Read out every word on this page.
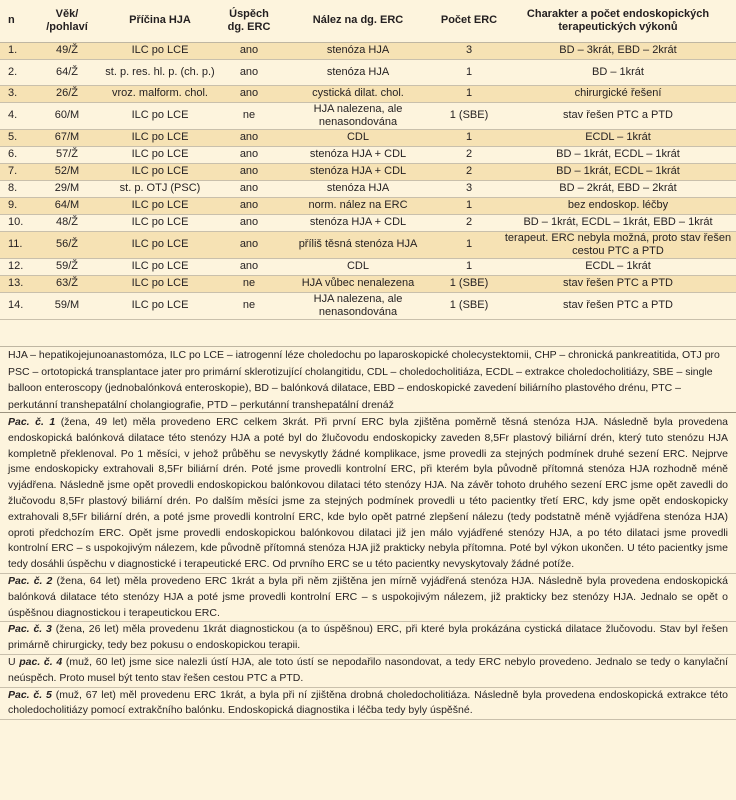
n	Věk/ /pohlaví	Příčina HJA	Úspěch dg. ERC	Nález na dg. ERC	Počet ERC	Charakter a počet endoskopických terapeutických výkonů
1.	49/Ž	ILC po LCE	ano	stenóza HJA	3	BD – 3krát, EBD – 2krát
2.	64/Ž	st. p. res. hl. p. (ch. p.)	ano	stenóza HJA	1	BD – 1krát
3.	26/Ž	vroz. malform. chol.	ano	cystická dilat. chol.	1	chirurgické řešení
4.	60/M	ILC po LCE	ne	HJA nalezena, ale nenasondována	1 (SBE)	stav řešen PTC a PTD
5.	67/M	ILC po LCE	ano	CDL	1	ECDL – 1krát
6.	57/Ž	ILC po LCE	ano	stenóza HJA + CDL	2	BD – 1krát, ECDL – 1krát
7.	52/M	ILC po LCE	ano	stenóza HJA + CDL	2	BD – 1krát, ECDL – 1krát
8.	29/M	st. p. OTJ (PSC)	ano	stenóza HJA	3	BD – 2krát, EBD – 2krát
9.	64/M	ILC po LCE	ano	norm. nález na ERC	1	bez endoskop. léčby
10.	48/Ž	ILC po LCE	ano	stenóza HJA + CDL	2	BD – 1krát, ECDL – 1krát, EBD – 1krát
11.	56/Ž	ILC po LCE	ano	příliš těsná stenóza HJA	1	terapeut. ERC nebyla možná, proto stav řešen cestou PTC a PTD
12.	59/Ž	ILC po LCE	ano	CDL	1	ECDL – 1krát
13.	63/Ž	ILC po LCE	ne	HJA vůbec nenalezena	1 (SBE)	stav řešen PTC a PTD
14.	59/M	ILC po LCE	ne	HJA nalezena, ale nenasondována	1 (SBE)	stav řešen PTC a PTD
HJA – hepatikojejunoanastomóza, ILC po LCE – iatrogenní léze choledochu po laparoskopické cholecystektomii, CHP – chronická pankreatitida, OTJ pro PSC – ortotopická transplantace jater pro primární sklerotizující cholangitidu, CDL – choledocholitiáza, ECDL – extrakce choledocholitiázy, SBE – single balloon enteroscopy (jednobalónková enteroskopie), BD – balónková dilatace, EBD – endoskopické zavedení biliárního plastového drénu, PTC – perkutánní transhepatální cholangiografie, PTD – perkutánní transhepatální drenáž
Pac. č. 1 (žena, 49 let) měla provedeno ERC celkem 3krát. Při první ERC byla zjištěna poměrně těsná stenóza HJA. Následně byla provedena endoskopická balónková dilatace této stenózy HJA a poté byl do žlučovodu endoskopicky zaveden 8,5Fr plastový biliární drén, který tuto stenózu HJA kompletně překlenoval. Po 1 měsíci, v jehož průběhu se nevyskytly žádné komplikace, jsme provedli za stejných podmínek druhé sezení ERC. Nejprve jsme endoskopicky extrahovali 8,5Fr biliární drén. Poté jsme provedli kontrolní ERC, při kterém byla původně přítomná stenóza HJA rozhodně méně vyjádřena. Následně jsme opět provedli endoskopickou balónkovou dilataci této stenózy HJA. Na závěr tohoto druhého sezení ERC jsme opět zavedli do žlučovodu 8,5Fr plastový biliární drén. Po dalším měsíci jsme za stejných podmínek provedli u této pacientky třetí ERC, kdy jsme opět endoskopicky extrahovali 8,5Fr biliární drén, a poté jsme provedli kontrolní ERC, kde bylo opět patrné zlepšení nálezu (tedy podstatně méně vyjádřena stenóza HJA) oproti předchozím ERC. Opět jsme provedli endoskopickou balónkovou dilataci již jen málo vyjádřené stenózy HJA, a po této dilataci jsme provedli kontrolní ERC – s uspokojivým nálezem, kde původně přítomná stenóza HJA již prakticky nebyla přítomna. Poté byl výkon ukončen. U této pacientky jsme tedy dosáhli úspěchu v diagnostické i terapeutické ERC. Od prvního ERC se u této pacientky nevyskytovaly žádné potíže.
Pac. č. 2 (žena, 64 let) měla provedeno ERC 1krát a byla při něm zjištěna jen mírně vyjádřená stenóza HJA. Následně byla provedena endoskopická balónková dilatace této stenózy HJA a poté jsme provedli kontrolní ERC – s uspokojivým nálezem, již prakticky bez stenózy HJA. Jednalo se opět o úspěšnou diagnostickou i terapeutickou ERC.
Pac. č. 3 (žena, 26 let) měla provedenu 1krát diagnostickou (a to úspěšnou) ERC, při které byla prokázána cystická dilatace žlučovodu. Stav byl řešen primárně chirurgicky, tedy bez pokusu o endoskopickou terapii.
U pac. č. 4 (muž, 60 let) jsme sice nalezli ústí HJA, ale toto ústí se nepodařilo nasondovat, a tedy ERC nebylo provedeno. Jednalo se tedy o kanylační neúspěch. Proto musel být tento stav řešen cestou PTC a PTD.
Pac. č. 5 (muž, 67 let) měl provedenu ERC 1krát, a byla při ní zjištěna drobná choledocholitiáza. Následně byla provedena endoskopická extrakce této choledocholitiázy pomocí extrakčního balónku. Endoskopická diagnostika i léčba tedy byly úspěšné.
